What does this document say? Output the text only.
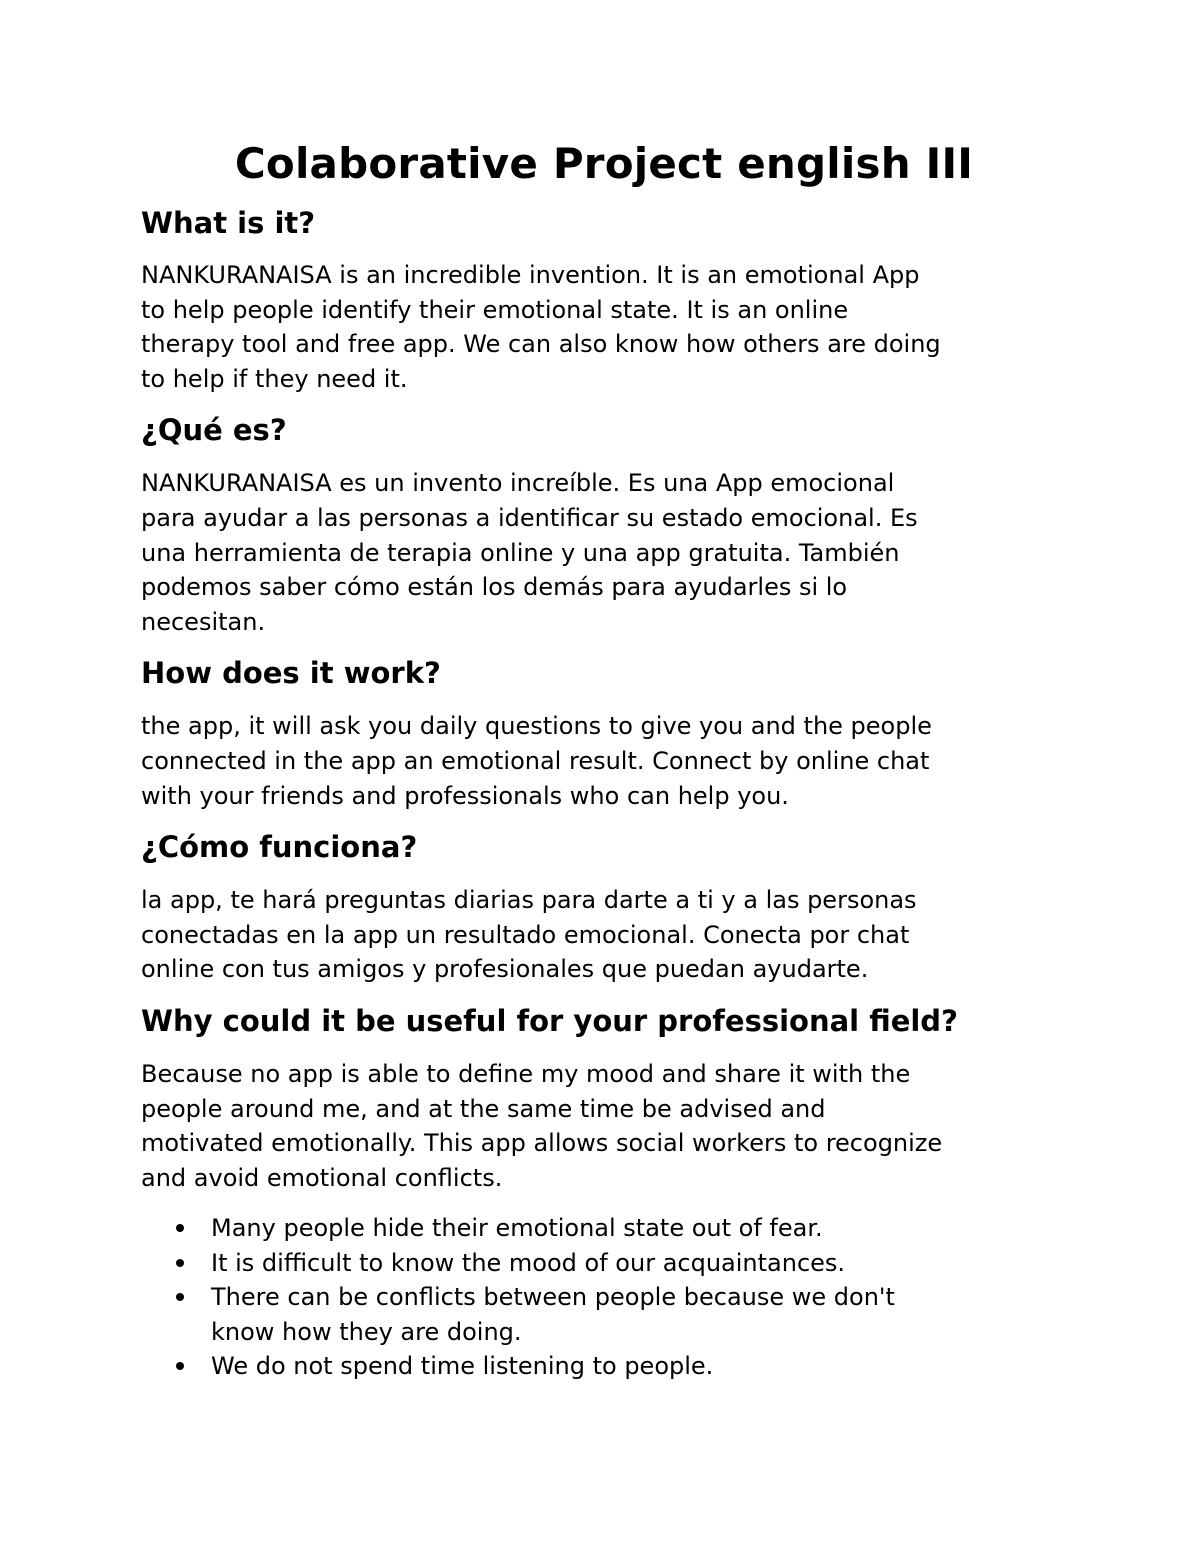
Colaborative Project english III
What is it?

NANKURANAISA is an incredible invention. It is an emotional App
to help people identify their emotional state. It is an online
therapy tool and free app. We can also know how others are doing
to help if they need it.

¿Qué es?

NANKURANAISA es un invento increíble. Es una App emocional
para ayudar a las personas a identificar su estado emocional. Es
una herramienta de terapia online y una app gratuita. También
podemos saber cómo están los demás para ayudarles si lo
necesitan.

How does it work?

the app, it will ask you daily questions to give you and the people
connected in the app an emotional result. Connect by online chat
with your friends and professionals who can help you.

¿Cómo funciona?

la app, te hará preguntas diarias para darte a ti y a las personas
conectadas en la app un resultado emocional. Conecta por chat
online con tus amigos y profesionales que puedan ayudarte.

Why could it be useful for your professional field?

Because no app is able to define my mood and share it with the
people around me, and at the same time be advised and
motivated emotionally. This app allows social workers to recognize
and avoid emotional conflicts.

Many people hide their emotional state out of fear.
It is difficult to know the mood of our acquaintances.
There can be conflicts between people because we don't
know how they are doing.
We do not spend time listening to people.
